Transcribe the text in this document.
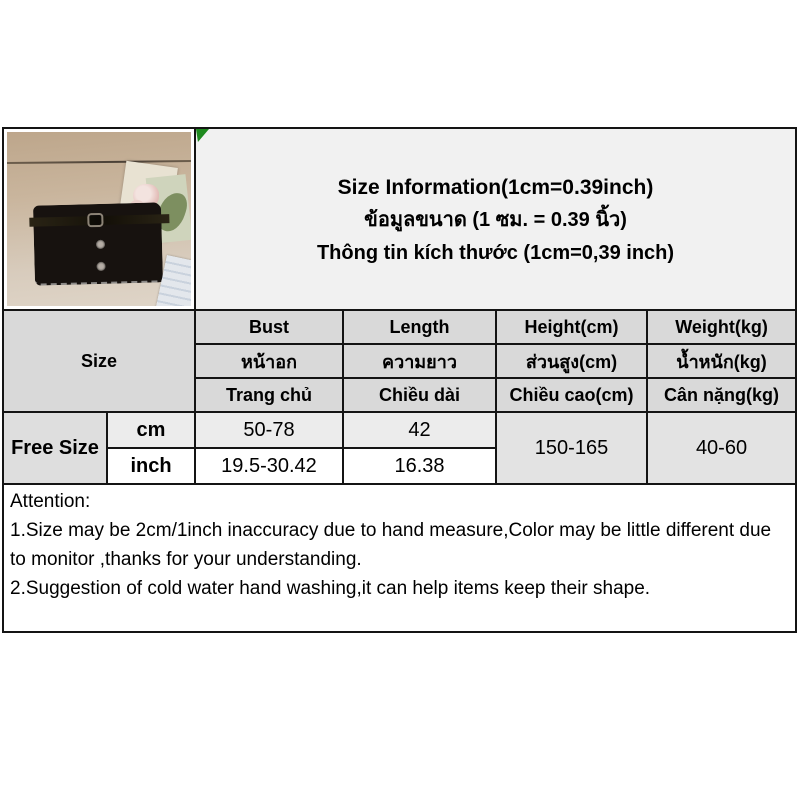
		Size Information(1cm=0.39inch)
ข้อมูลขนาด (1 ซม. = 0.39 นิ้ว)
Thông tin kích thước (1cm=0,39 inch)			

Size		Bust	Length	Height(cm)	Weight(kg)
		หน้าอก	ความยาว	ส่วนสูง(cm)	น้ำหนัก(kg)
		Trang chủ	Chiều dài	Chiều cao(cm)	Cân nặng(kg)
Free Size	cm	50-78	42	150-165	40-60
	inch	19.5-30.42	16.38		

Attention:
1.Size may be 2cm/1inch inaccuracy due to hand measure,Color may be little different due to monitor ,thanks for your understanding.
2.Suggestion of cold water hand washing,it can help items keep their shape.					
